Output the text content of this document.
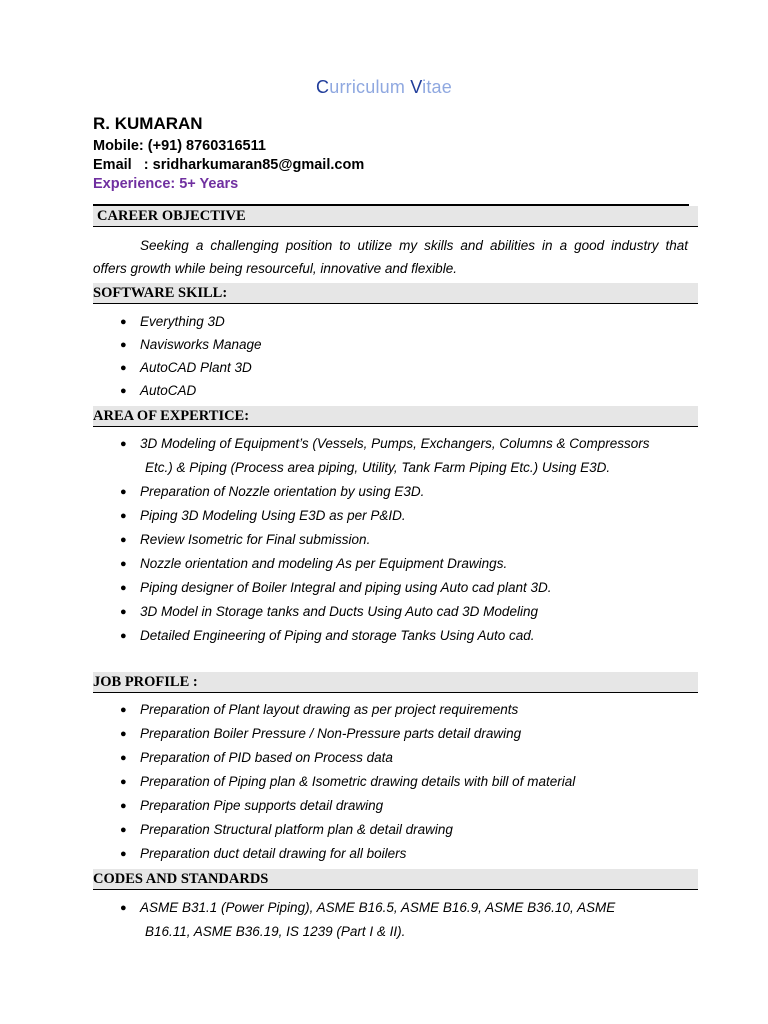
Curriculum Vitae
R. KUMARAN
Mobile: (+91) 8760316511
Email   : sridharkumaran85@gmail.com
Experience: 5+ Years
CAREER OBJECTIVE
Seeking a challenging position to utilize my skills and abilities in a good industry that
offers growth while being resourceful, innovative and flexible.
SOFTWARE SKILL:
● Everything 3D
● Navisworks Manage
● AutoCAD Plant 3D
● AutoCAD
AREA OF EXPERTICE:
● 3D Modeling of Equipment’s (Vessels, Pumps, Exchangers, Columns & Compressors
Etc.) & Piping (Process area piping, Utility, Tank Farm Piping Etc.) Using E3D.
● Preparation of Nozzle orientation by using E3D.
● Piping 3D Modeling Using E3D as per P&ID.
● Review Isometric for Final submission.
● Nozzle orientation and modeling As per Equipment Drawings.
● Piping designer of Boiler Integral and piping using Auto cad plant 3D.
● 3D Model in Storage tanks and Ducts Using Auto cad 3D Modeling
● Detailed Engineering of Piping and storage Tanks Using Auto cad.
JOB PROFILE :
● Preparation of Plant layout drawing as per project requirements
● Preparation Boiler Pressure / Non-Pressure parts detail drawing
● Preparation of PID based on Process data
● Preparation of Piping plan & Isometric drawing details with bill of material
● Preparation Pipe supports detail drawing
● Preparation Structural platform plan & detail drawing
● Preparation duct detail drawing for all boilers
CODES AND STANDARDS
● ASME B31.1 (Power Piping), ASME B16.5, ASME B16.9, ASME B36.10, ASME
B16.11, ASME B36.19, IS 1239 (Part I & II).
